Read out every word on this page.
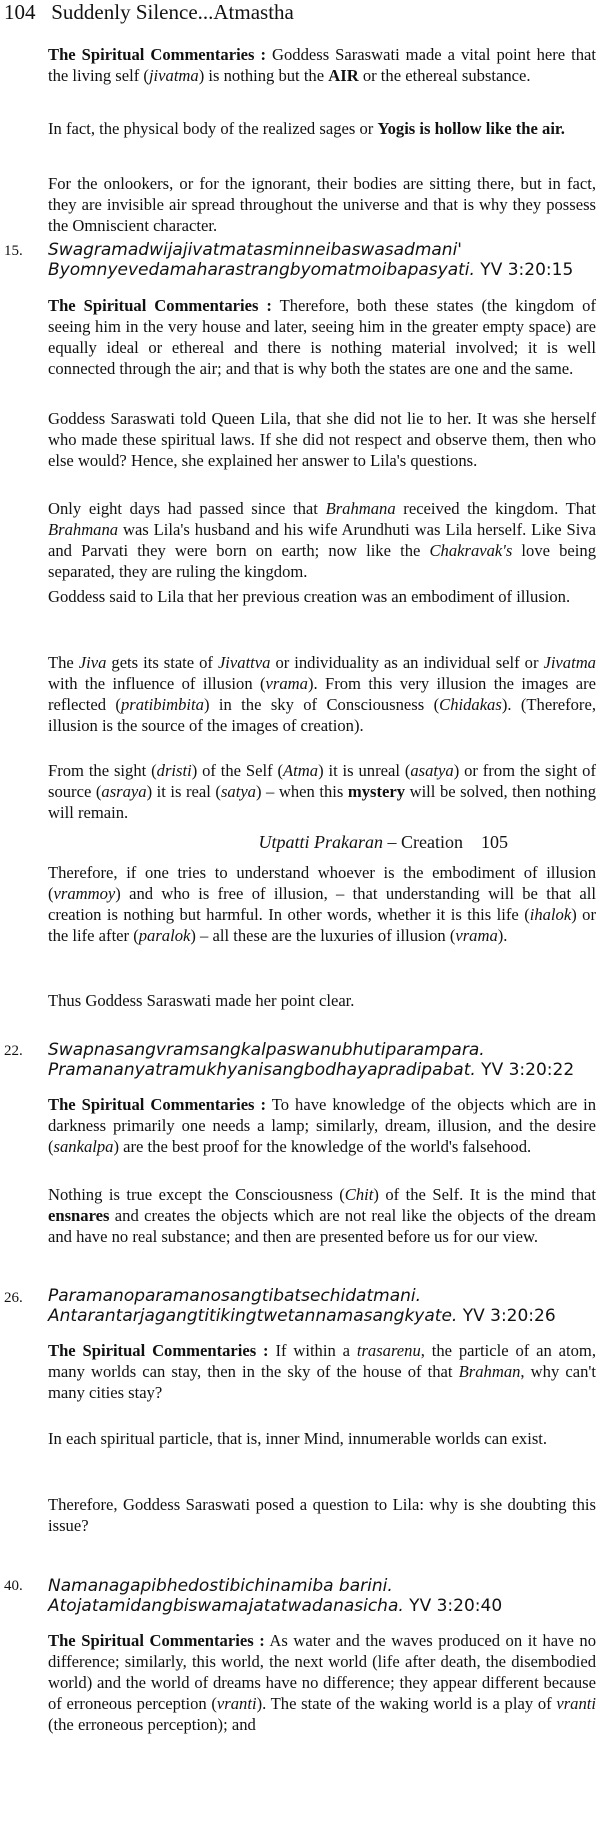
104 Suddenly Silence...Atmastha
The Spiritual Commentaries : Goddess Saraswati made a vital point here that the living self (jivatma) is nothing but the AIR or the ethereal substance.
In fact, the physical body of the realized sages or Yogis is hollow like the air.
For the onlookers, or for the ignorant, their bodies are sitting there, but in fact, they are invisible air spread throughout the universe and that is why they possess the Omniscient character.
15. Swagramadwijajivatmatasminneibaswasadmani'
Byomnyevedamaharastrangbyomatmoibapasyati. YV 3:20:15
The Spiritual Commentaries : Therefore, both these states (the kingdom of seeing him in the very house and later, seeing him in the greater empty space) are equally ideal or ethereal and there is nothing material involved; it is well connected through the air; and that is why both the states are one and the same.
Goddess Saraswati told Queen Lila, that she did not lie to her. It was she herself who made these spiritual laws. If she did not respect and observe them, then who else would? Hence, she explained her answer to Lila's questions.
Only eight days had passed since that Brahmana received the kingdom. That Brahmana was Lila's husband and his wife Arundhuti was Lila herself. Like Siva and Parvati they were born on earth; now like the Chakravak's love being separated, they are ruling the kingdom.
Goddess said to Lila that her previous creation was an embodiment of illusion.
The Jiva gets its state of Jivattva or individuality as an individual self or Jivatma with the influence of illusion (vrama). From this very illusion the images are reflected (pratibimbita) in the sky of Consciousness (Chidakas). (Therefore, illusion is the source of the images of creation).
From the sight (dristi) of the Self (Atma) it is unreal (asatya) or from the sight of source (asraya) it is real (satya) – when this mystery will be solved, then nothing will remain.
Utpatti Prakaran – Creation 105
Therefore, if one tries to understand whoever is the embodiment of illusion (vrammoy) and who is free of illusion, – that understanding will be that all creation is nothing but harmful. In other words, whether it is this life (ihalok) or the life after (paralok) – all these are the luxuries of illusion (vrama).
Thus Goddess Saraswati made her point clear.
22. Swapnasangvramsangkalpaswanubhutiparampara.
Pramananyatramukhyanisangbodhayapradipabat. YV 3:20:22
The Spiritual Commentaries : To have knowledge of the objects which are in darkness primarily one needs a lamp; similarly, dream, illusion, and the desire (sankalpa) are the best proof for the knowledge of the world's falsehood.
Nothing is true except the Consciousness (Chit) of the Self. It is the mind that ensnares and creates the objects which are not real like the objects of the dream and have no real substance; and then are presented before us for our view.
26. Paramanoparamanosangtibatsechidatmani.
Antarantarjagangtitikingtwetannamasangkyate. YV 3:20:26
The Spiritual Commentaries : If within a trasarenu, the particle of an atom, many worlds can stay, then in the sky of the house of that Brahman, why can't many cities stay?
In each spiritual particle, that is, inner Mind, innumerable worlds can exist.
Therefore, Goddess Saraswati posed a question to Lila: why is she doubting this issue?
40. Namanagapibhedostibichinamiba barini.
Atojatamidangbiswamajatatwadanasicha. YV 3:20:40
The Spiritual Commentaries : As water and the waves produced on it have no difference; similarly, this world, the next world (life after death, the disembodied world) and the world of dreams have no difference; they appear different because of erroneous perception (vranti). The state of the waking world is a play of vranti (the erroneous perception); and
